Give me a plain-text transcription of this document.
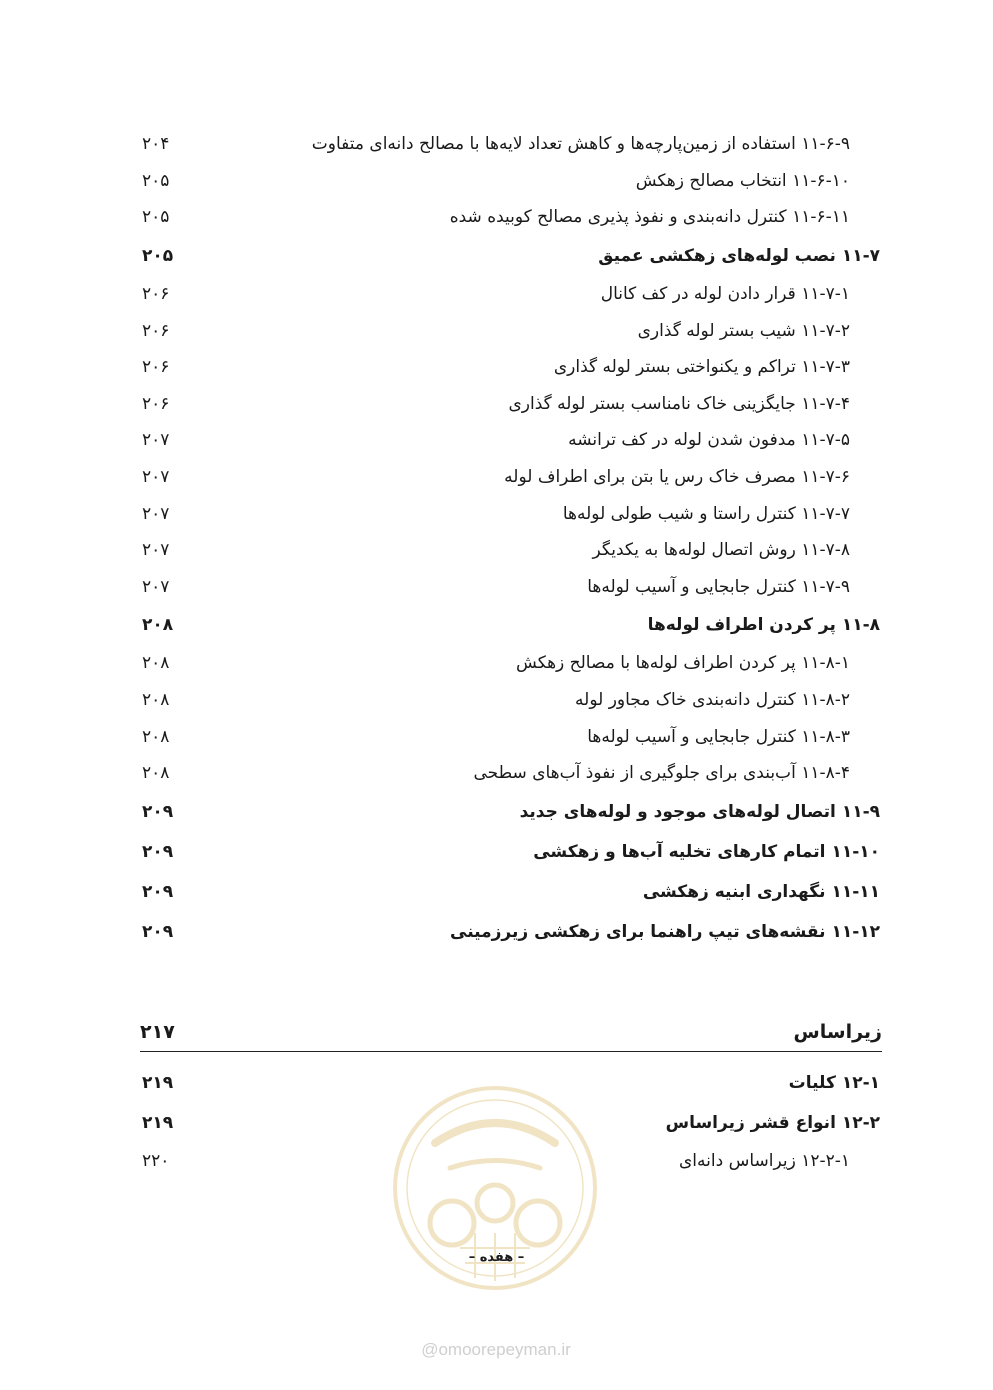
۲۰۴	۱۱-۶-۹ استفاده از زمین‌پارچه‌ها و کاهش تعداد لایه‌ها با مصالح دانه‌ای متفاوت
۲۰۵	۱۱-۶-۱۰ انتخاب مصالح زهکش
۲۰۵	۱۱-۶-۱۱ کنترل دانه‌بندی و نفوذ پذیری مصالح کوبیده شده
۲۰۵	۱۱-۷ نصب لوله‌های زهکشی عمیق
۲۰۶	۱۱-۷-۱ قرار دادن لوله در کف کانال
۲۰۶	۱۱-۷-۲ شیب بستر لوله گذاری
۲۰۶	۱۱-۷-۳ تراکم و یکنواختی بستر لوله گذاری
۲۰۶	۱۱-۷-۴ جایگزینی خاک نامناسب بستر لوله گذاری
۲۰۷	۱۱-۷-۵ مدفون شدن لوله در کف ترانشه
۲۰۷	۱۱-۷-۶ مصرف خاک رس یا بتن برای اطراف لوله
۲۰۷	۱۱-۷-۷ کنترل راستا و شیب طولی لوله‌ها
۲۰۷	۱۱-۷-۸ روش اتصال لوله‌ها به یکدیگر
۲۰۷	۱۱-۷-۹ کنترل جابجایی و آسیب لوله‌ها
۲۰۸	۱۱-۸ پر کردن اطراف لوله‌ها
۲۰۸	۱۱-۸-۱ پر کردن اطراف لوله‌ها با مصالح زهکش
۲۰۸	۱۱-۸-۲ کنترل دانه‌بندی خاک مجاور لوله
۲۰۸	۱۱-۸-۳ کنترل جابجایی و آسیب لوله‌ها
۲۰۸	۱۱-۸-۴ آب‌بندی برای جلوگیری از نفوذ آب‌های سطحی
۲۰۹	۱۱-۹ اتصال لوله‌های موجود و لوله‌های جدید
۲۰۹	۱۱-۱۰ اتمام کارهای تخلیه آب‌ها و زهکشی
۲۰۹	۱۱-۱۱ نگهداری ابنیه زهکشی
۲۰۹	۱۱-۱۲ نقشه‌های تیپ راهنما برای زهکشی زیرزمینی
۲۱۷	زیراساس
۲۱۹	۱۲-۱ کلیات
۲۱۹	۱۲-۲ انواع قشر زیراساس
۲۲۰	۱۲-۲-۱ زیراساس دانه‌ای
– هفده –
@omoorepeyman.ir
